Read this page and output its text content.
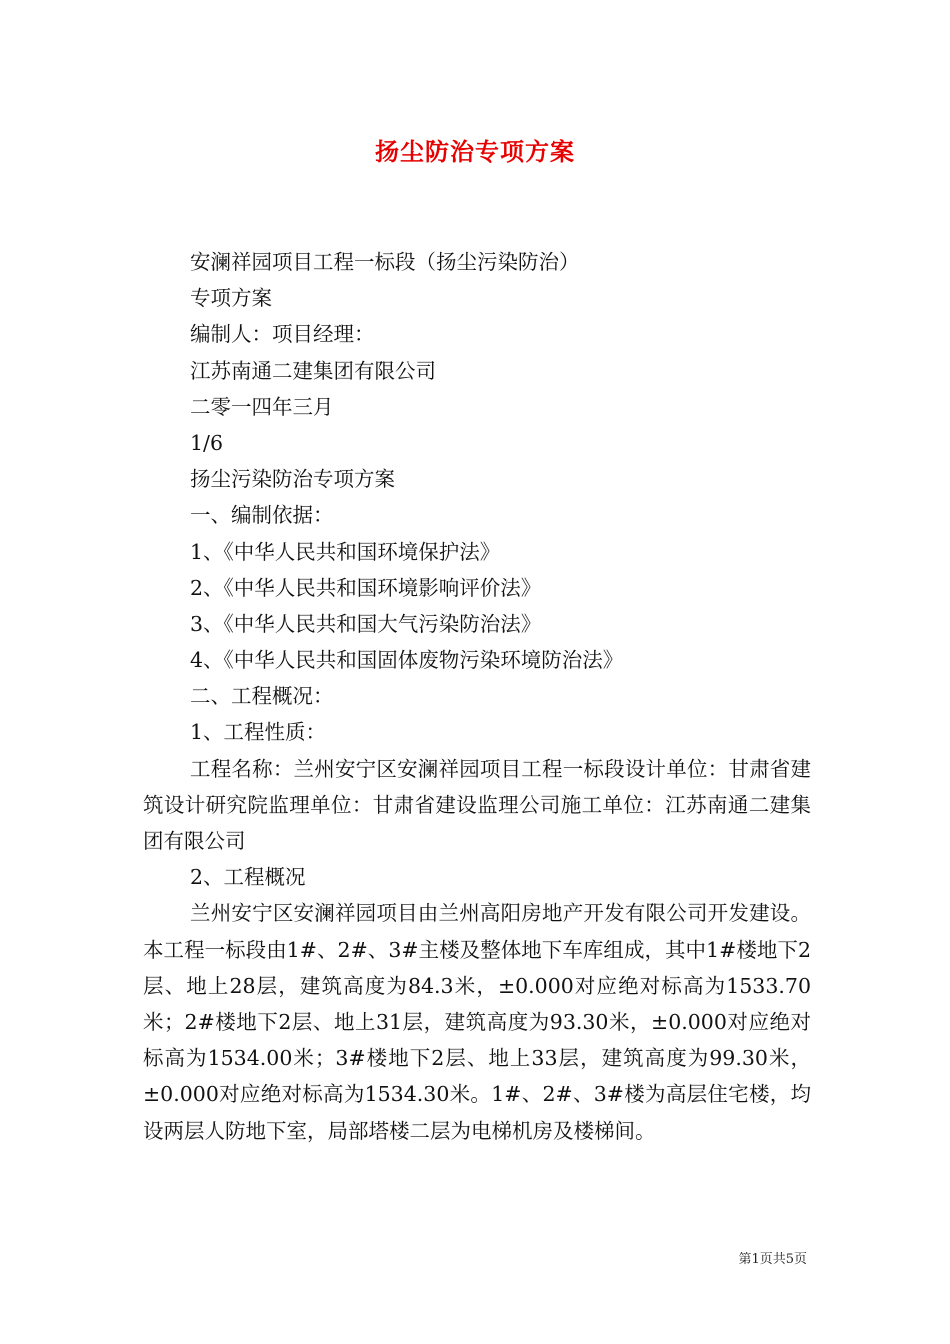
扬尘防治专项方案
安澜祥园项目工程一标段（扬尘污染防治）
专项方案
编制人：项目经理：
江苏南通二建集团有限公司
二零一四年三月
1/6
扬尘污染防治专项方案
一、编制依据：
1、《中华人民共和国环境保护法》
2、《中华人民共和国环境影响评价法》
3、《中华人民共和国大气污染防治法》
4、《中华人民共和国固体废物污染环境防治法》
二、工程概况：
1、工程性质：

工程名称：兰州安宁区安澜祥园项目工程一标段设计单位：甘肃省建筑设计研究院监理单位：甘肃省建设监理公司施工单位：江苏南通二建集团有限公司

2、工程概况

兰州安宁区安澜祥园项目由兰州高阳房地产开发有限公司开发建设。本工程一标段由1#、2#、3#主楼及整体地下车库组成，其中1#楼地下2层、地上28层，建筑高度为84.3米，±0.000对应绝对标高为1533.70米；2#楼地下2层、地上31层，建筑高度为93.30米，±0.000对应绝对标高为1534.00米；3#楼地下2层、地上33层，建筑高度为99.30米，±0.000对应绝对标高为1534.30米。1#、2#、3#楼为高层住宅楼，均设两层人防地下室，局部塔楼二层为电梯机房及楼梯间。

第1页共5页
